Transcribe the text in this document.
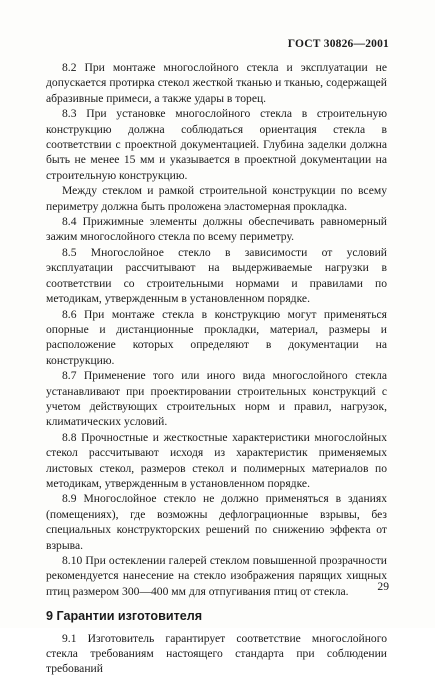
ГОСТ 30826—2001

8.2 При монтаже многослойного стекла и эксплуатации не допускается протирка стекол жесткой тканью и тканью, содержащей абразивные примеси, а также удары в торец.

8.3 При установке многослойного стекла в строительную конструкцию должна соблюдаться ориентация стекла в соответствии с проектной документацией. Глубина заделки должна быть не менее 15 мм и указывается в проектной документации на строительную конструкцию.

Между стеклом и рамкой строительной конструкции по всему периметру должна быть проложена эластомерная прокладка.

8.4 Прижимные элементы должны обеспечивать равномерный зажим многослойного стекла по всему периметру.

8.5 Многослойное стекло в зависимости от условий эксплуатации рассчитывают на выдерживаемые нагрузки в соответствии со строительными нормами и правилами по методикам, утвержденным в установленном порядке.

8.6 При монтаже стекла в конструкцию могут применяться опорные и дистанционные прокладки, материал, размеры и расположение которых определяют в документации на конструкцию.

8.7 Применение того или иного вида многослойного стекла устанавливают при проектировании строительных конструкций с учетом действующих строительных норм и правил, нагрузок, климатических условий.

8.8 Прочностные и жесткостные характеристики многослойных стекол рассчитывают исходя из характеристик применяемых листовых стекол, размеров стекол и полимерных материалов по методикам, утвержденным в установленном порядке.

8.9 Многослойное стекло не должно применяться в зданиях (помещениях), где возможны дефлограционные взрывы, без специальных конструкторских решений по снижению эффекта от взрыва.

8.10 При остеклении галерей стеклом повышенной прозрачности рекомендуется нанесение на стекло изображения парящих хищных птиц размером 300—400 мм для отпугивания птиц от стекла.

9 Гарантии изготовителя

9.1 Изготовитель гарантирует соответствие многослойного стекла требованиям настоящего стандарта при соблюдении требований

29
